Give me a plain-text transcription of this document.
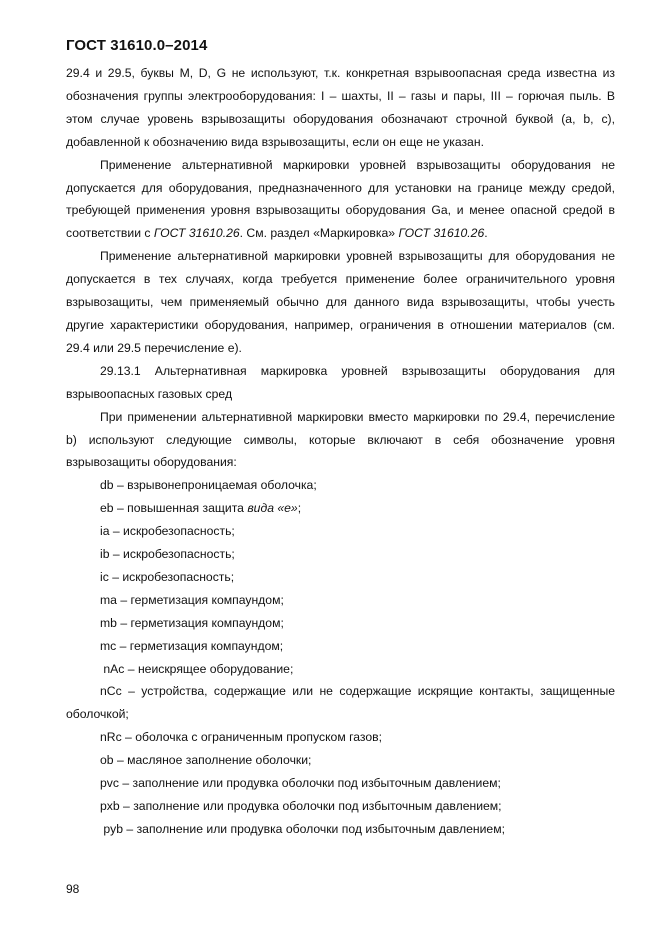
ГОСТ 31610.0–2014

29.4 и 29.5, буквы M, D, G не используют, т.к. конкретная взрывоопасная среда известна из обозначения группы электрооборудования: I – шахты, II – газы и пары, III – горючая пыль. В этом случае уровень взрывозащиты оборудования обозначают строчной буквой (a, b, c), добавленной к обозначению вида взрывозащиты, если он еще не указан.

Применение альтернативной маркировки уровней взрывозащиты оборудования не допускается для оборудования, предназначенного для установки на границе между средой, требующей применения уровня взрывозащиты оборудования Ga, и менее опасной средой в соответствии с ГОСТ 31610.26. См. раздел «Маркировка» ГОСТ 31610.26.

Применение альтернативной маркировки уровней взрывозащиты для оборудования не допускается в тех случаях, когда требуется применение более ограничительного уровня взрывозащиты, чем применяемый обычно для данного вида взрывозащиты, чтобы учесть другие характеристики оборудования, например, ограничения в отношении материалов (см. 29.4 или 29.5 перечисление е).

29.13.1 Альтернативная маркировка уровней взрывозащиты оборудования для взрывоопасных газовых сред

При применении альтернативной маркировки вместо маркировки по 29.4, перечисление b) используют следующие символы, которые включают в себя обозначение уровня взрывозащиты оборудования:

db – взрывонепроницаемая оболочка;

eb – повышенная защита вида «е»;

ia – искробезопасность;

ib – искробезопасность;

ic – искробезопасность;

ma – герметизация компаундом;

mb – герметизация компаундом;

mc – герметизация компаундом;

nAc – неискрящее оборудование;

nCc – устройства, содержащие или не содержащие искрящие контакты, защищенные оболочкой;

nRc – оболочка с ограниченным пропуском газов;

ob – масляное заполнение оболочки;

pvc – заполнение или продувка оболочки под избыточным давлением;

pxb – заполнение или продувка оболочки под избыточным давлением;

pyb – заполнение или продувка оболочки под избыточным давлением;

98
